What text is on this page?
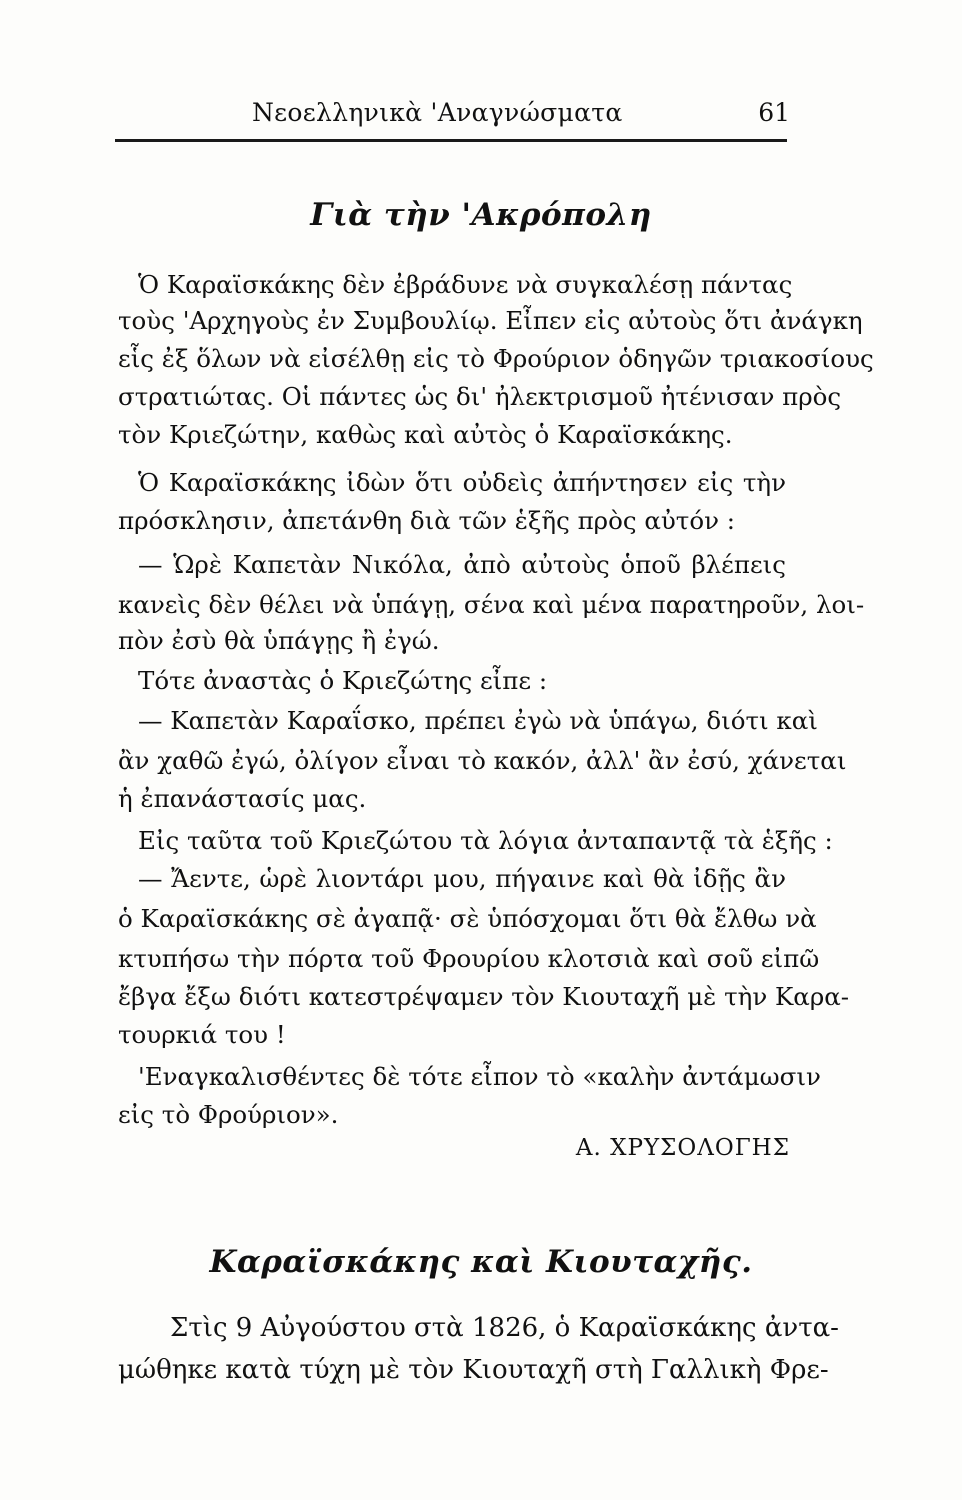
Νεοελληνικὰ 'Αναγνώσματα	61
Γιὰ τὴν 'Ακρόπολη
Ὁ Καραϊσκάκης δὲν ἐβράδυνε νὰ συγκαλέσῃ πάντας
τοὺς 'Αρχηγοὺς ἐν Συμβουλίῳ. Εἶπεν εἰς αὐτοὺς ὅτι ἀνάγκη
εἷς ἐξ ὅλων νὰ εἰσέλθῃ εἰς τὸ Φρούριον ὁδηγῶν τριακοσίους
στρατιώτας. Οἱ πάντες ὡς δι' ἠλεκτρισμοῦ ἠτένισαν πρὸς
τὸν Κριεζώτην, καθὼς καὶ αὐτὸς ὁ Καραϊσκάκης.
Ὁ Καραϊσκάκης ἰδὼν ὅτι οὐδεὶς ἀπήντησεν εἰς τὴν
πρόσκλησιν, ἀπετάνθη διὰ τῶν ἑξῆς πρὸς αὐτόν :
— Ὡρὲ Καπετὰν Νικόλα, ἀπὸ αὐτοὺς ὁποῦ βλέπεις
κανεὶς δὲν θέλει νὰ ὑπάγῃ, σένα καὶ μένα παρατηροῦν, λοι-
πὸν ἐσὺ θὰ ὑπάγῃς ἢ ἐγώ.
Τότε ἀναστὰς ὁ Κριεζώτης εἶπε :
— Καπετὰν Καραΐσκο, πρέπει ἐγὼ νὰ ὑπάγω, διότι καὶ
ἂν χαθῶ ἐγώ, ὀλίγον εἶναι τὸ κακόν, ἀλλ' ἂν ἐσύ, χάνεται
ἡ ἐπανάστασίς μας.
Εἰς ταῦτα τοῦ Κριεζώτου τὰ λόγια ἀνταπαντᾷ τὰ ἑξῆς :
— Ἄεντε, ὡρὲ λιοντάρι μου, πήγαινε καὶ θὰ ἰδῇς ἂν
ὁ Καραϊσκάκης σὲ ἀγαπᾷ· σὲ ὑπόσχομαι ὅτι θὰ ἔλθω νὰ
κτυπήσω τὴν πόρτα τοῦ Φρουρίου κλοτσιὰ καὶ σοῦ εἰπῶ
ἔβγα ἔξω διότι κατεστρέψαμεν τὸν Κιουταχῆ μὲ τὴν Καρα-
τουρκιά του !
'Εναγκαλισθέντες δὲ τότε εἶπον τὸ «καλὴν ἀντάμωσιν
εἰς τὸ Φρούριον».
Α. ΧΡΥΣΟΛΟΓΗΣ
Καραϊσκάκης καὶ Κιουταχῆς.
Στὶς 9 Αὐγούστου στὰ 1826, ὁ Καραϊσκάκης ἀντα-
μώθηκε κατὰ τύχη μὲ τὸν Κιουταχῆ στὴ Γαλλικὴ Φρε-
